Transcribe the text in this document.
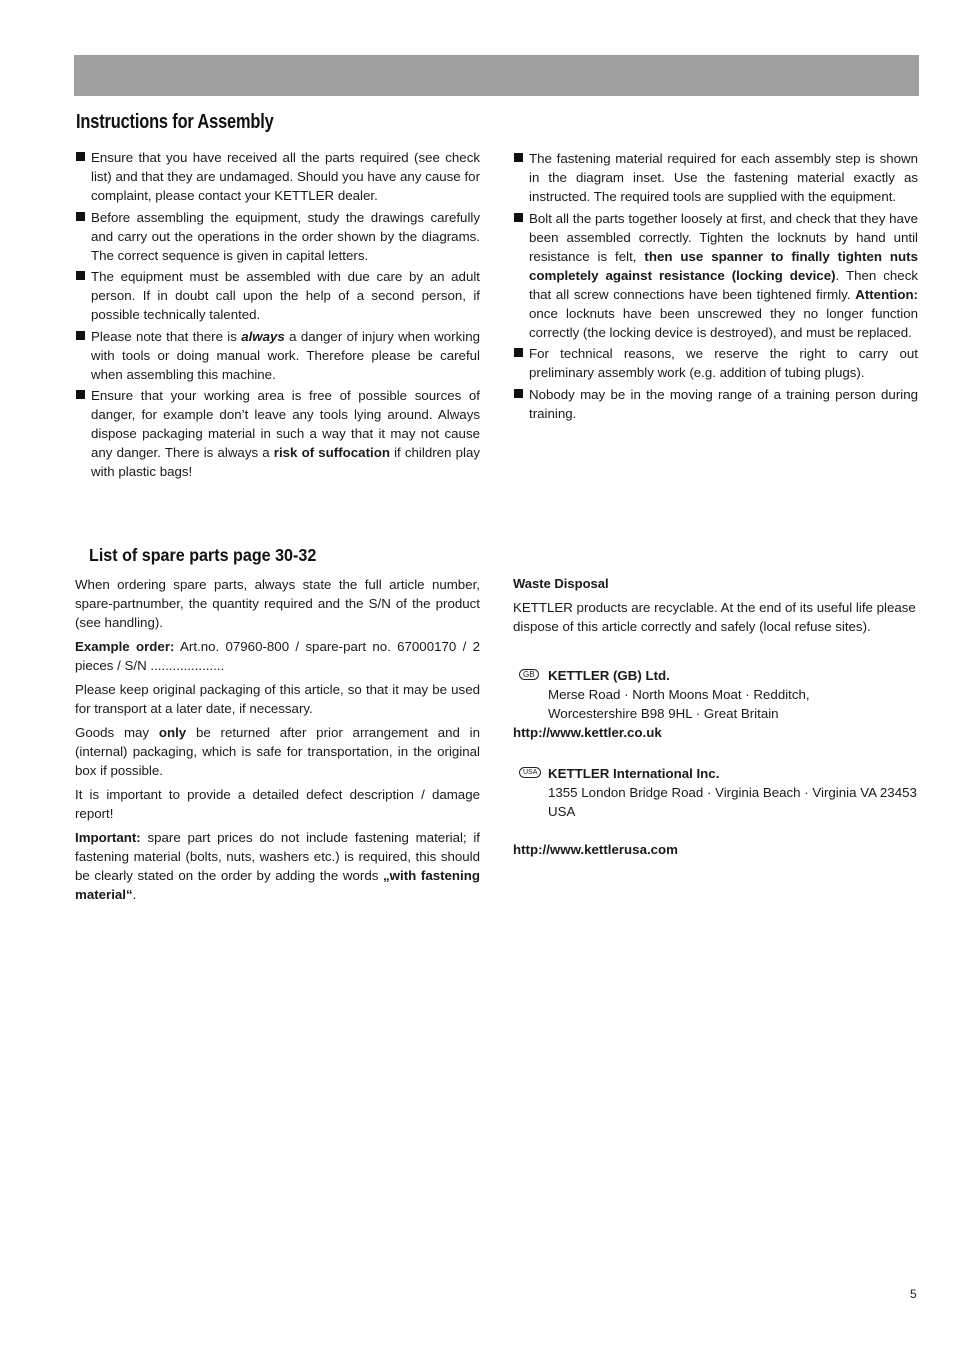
Instructions for Assembly
Ensure that you have received all the parts required (see check list) and that they are undamaged. Should you have any cause for complaint, please contact your KETTLER dealer.
Before assembling the equipment, study the drawings carefully and carry out the operations in the order shown by the diagrams. The correct sequence is given in capital letters.
The equipment must be assembled with due care by an adult person. If in doubt call upon the help of a second person, if possible technically talented.
Please note that there is always a danger of injury when working with tools or doing manual work. Therefore please be careful when assembling this machine.
Ensure that your working area is free of possible sources of danger, for example don’t leave any tools lying around. Always dispose packaging material in such a way that it may not cause any danger. There is always a risk of suffocation if children play with plastic bags!
The fastening material required for each assembly step is shown in the diagram inset. Use the fastening material exactly as instructed. The required tools are supplied with the equipment.
Bolt all the parts together loosely at first, and check that they have been assembled correctly. Tighten the locknuts by hand until resistance is felt, then use spanner to finally tighten nuts completely against resistance (locking device). Then check that all screw connections have been tightened firmly. Attention: once locknuts have been unscrewed they no longer function correctly (the locking device is destroyed), and must be replaced.
For technical reasons, we reserve the right to carry out preliminary assembly work (e.g. addition of tubing plugs).
Nobody may be in the moving range of a training person during training.
List of spare parts page 30-32

When ordering spare parts, always state the full article number, spare-partnumber, the quantity required and the S/N of the product (see handling).

Example order: Art.no. 07960-800 / spare-part no. 67000170 / 2 pieces / S/N ....................

Please keep original packaging of this article, so that it may be used for transport at a later date, if necessary.

Goods may only be returned after prior arrangement and in (internal) packaging, which is safe for transportation, in the original box if possible.

It is important to provide a detailed defect description / damage report!

Important: spare part prices do not include fastening material; if fastening material (bolts, nuts, washers etc.) is required, this should be clearly stated on the order by adding the words „with fastening material“.

Waste Disposal

KETTLER products are recyclable. At the end of its useful life please dispose of this article correctly and safely (local refuse sites).

GB	KETTLER (GB) Ltd.
Merse Road · North Moons Moat · Redditch,
Worcestershire B98 9HL · Great Britain
http://www.kettler.co.uk
USA KETTLER International Inc.
1355 London Bridge Road · Virginia Beach · Virginia VA 23453 USA
http://www.kettlerusa.com
5
